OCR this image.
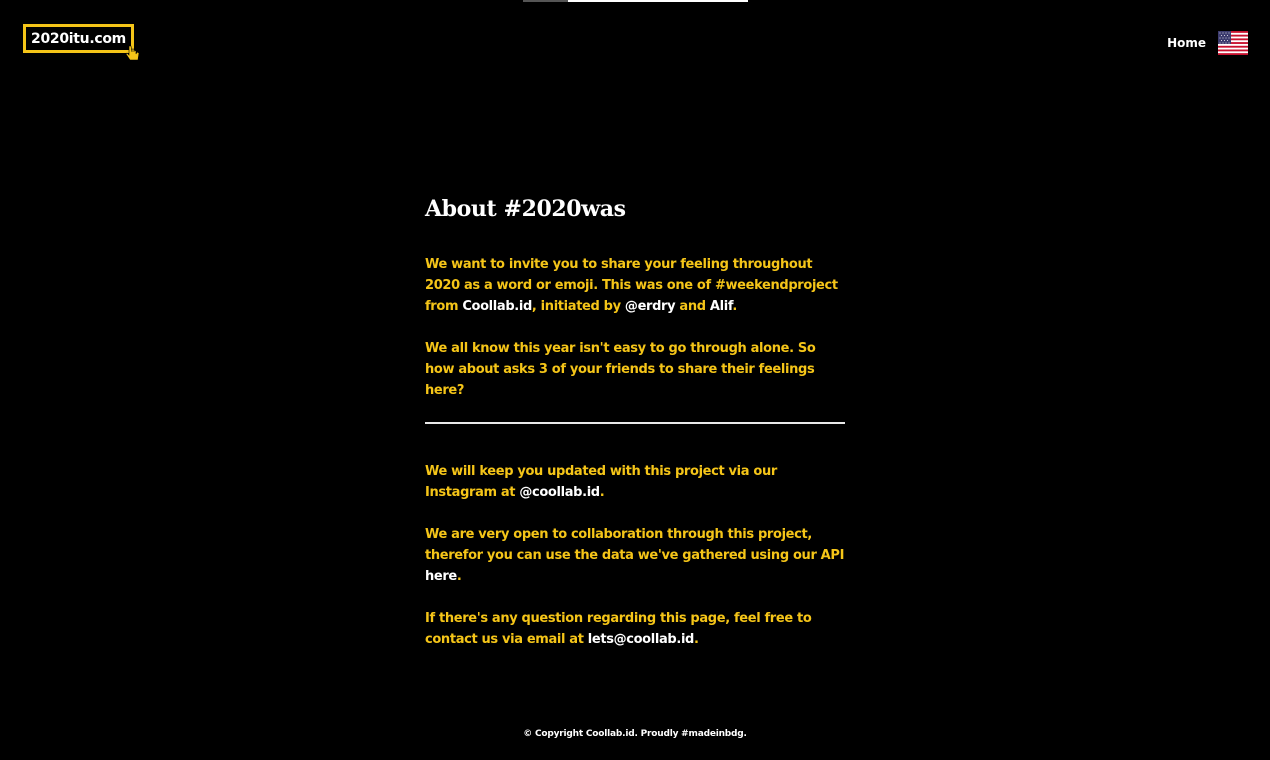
2020itu.com	Home
About #2020was

We want to invite you to share your feeling throughout 2020 as a word or emoji. This was one of #weekendproject from Coollab.id, initiated by @erdry and Alif.

We all know this year isn't easy to go through alone. So how about asks 3 of your friends to share their feelings here?

We will keep you updated with this project via our Instagram at @coollab.id.

We are very open to collaboration through this project, therefor you can use the data we've gathered using our API here.

If there's any question regarding this page, feel free to contact us via email at lets@coollab.id.

© Copyright Coollab.id. Proudly #madeinbdg.
